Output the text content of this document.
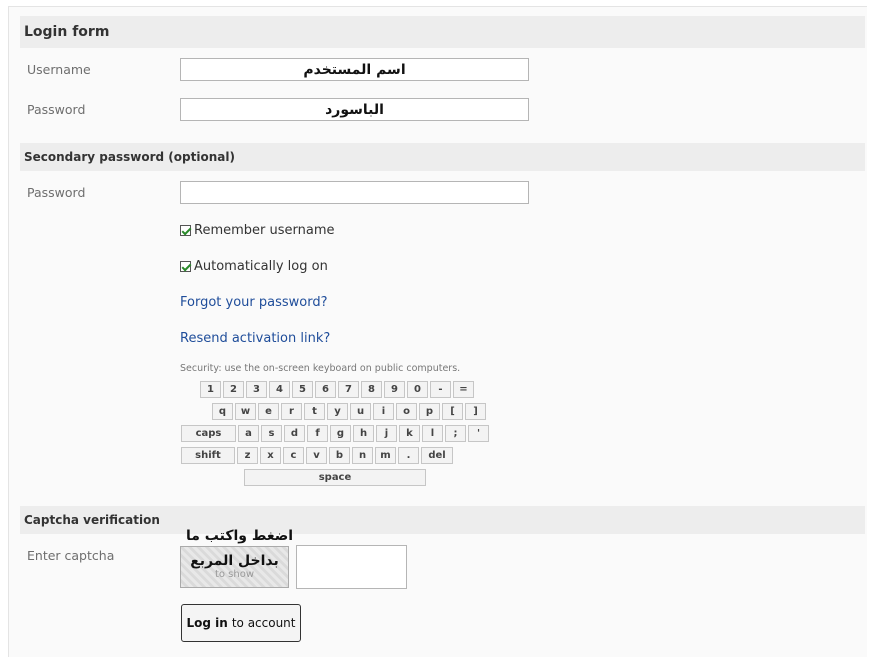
Login form
Username
اسم المستخدم
Password
الباسورد
Secondary password (optional)
Password
Remember username
Automatically log on
Forgot your password?
Resend activation link?
Security: use the on-screen keyboard on public computers.
1	2	3	4	5	6	7	8	9	0	-	=
q	w	e	r	t	y	u	i	o	p	[	]
caps	a	s	d	f	g	h	j	k	l	;	'
shift	z	x	c	v	b	n	m	.	del
space
Captcha verification
Enter captcha
اضغط واكتب ما
بداخل المربع
to show
Log in to account
